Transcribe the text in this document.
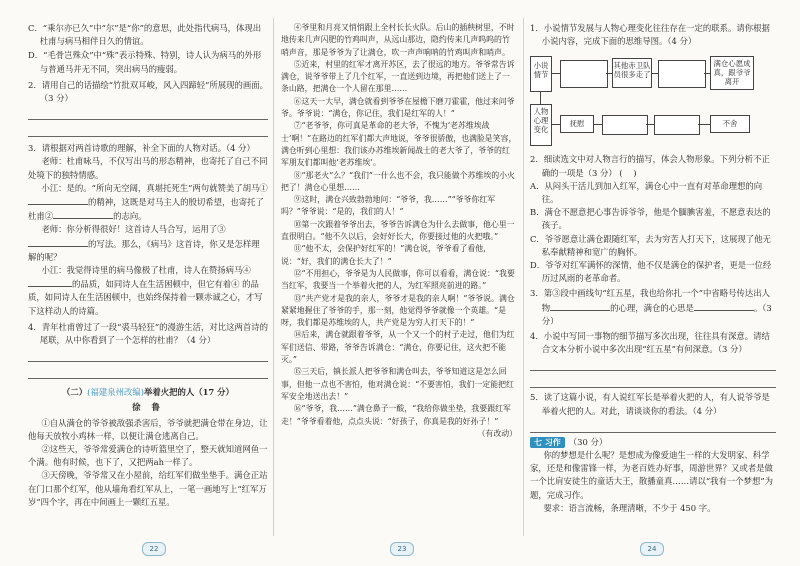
C．“乘尔亦已久”中“尔”是“你”的意思，此处指代病马，体现出杜甫与病马相伴日久的情谊。

D．“毛骨岂殊众”中“殊”表示特殊、特别，诗人认为病马的外形与普通马并无不同，突出病马的瘦弱。

2．请用自己的话描绘“竹批双耳峻，风入四蹄轻”所展现的画面。（3 分）

3．请根据对两首诗歌的理解，补全下面的人物对话。（4 分）

老师：杜甫咏马，不仅写出马的形态精神，也寄托了自己不同处境下的独特情感。

小江：是的。“所向无空阔，真堪托死生”两句就赞美了胡马①的精神，这既是对马主人的殷切希望，也寄托了杜甫②	的志向。

老师：你分析得很好！这首诗人马合写，运用了③的写法。那么，《病马》这首诗，你又是怎样理解的呢？

小江：我觉得诗里的病马像极了杜甫，诗人在赞扬病马④的品质，如同诗人在生活困顿中，但它有着④ 的品质，如同诗人在生活困顿中，也始终保持着一颗赤诚之心，才写下这样动人的诗篇。

4．青年杜甫曾过了一段“裘马轻狂”的漫游生活，对比这两首诗的尾联，从中你看到了一个怎样的杜甫？（4 分）

（二）(福建泉州改编)举着火把的人（17 分）

徐 鲁

①自从满仓的爷爷被敌强杀害后，爷爷就把满仓带在身边，让他每天放牧小鸡林一样，以便让满仓逃离自己。

②这些天，爷爷常爱满仓的诗听篮里空了，整天就知道网鱼一个满。他有时候，也下了，又把两ah一样了。

③天傍晚，爷爷常又在小屋前，给红军们做坐垫手。满仓正站在门口那个红军，他从墙角看红军从上，一笔一画地写上“红军万岁”四个字，再在中间画上一颗红五星。

④爷里和月亮又悄悄跟上全村长长火队。后山的插秧树里，不时地传来几声闪肥的竹鸡叫声，从远山那边，隐约传来几声呜呜的竹哨声音，那是爷爷为了让满仓，吹一声声响呐的竹鸡叫声和哨声。

⑤近来，村里的红军才离开苏区，去了很远的地方。爷爷常告诉满仓，说爷爷带上了几个红军，一直送到边境，再把他们送上了一条山路，把满仓一个人留在那里……

⑥这天一大早，满仓就看到爷爷在屋檐下磨刀霍霍，他过来问爷爷。爷爷说：“满仓，你记住，我们是红军的人！”

⑦“老爷爷，你可真是革命的老大爷，不愧为‘老苏维埃战士’啊！”在路边的红军们都大声地说，爷爷很骄傲，也满脸是笑容，满仓听到心里想：我们该办苏维埃新闻战士的老大爷了，爷爷的红军朋友们都叫他‘老苏维埃’。

⑧“那老火”么？“我们”一什么也不会，我只能做个苏维埃的小火把了！满仓心里想……

⑨这时，满仓兴致勃勃地问：“爷爷，我……”“爷爷你红军吗？”爷爷说：“是的，我们的人！”

⑩第一次跟着爷爷出去，爷爷告诉满仓为什么去做事，他心里一直很明白。“他不久以后，会好好长大，你要接过他的火把哦。”

⑪“他不太，会保护好红军的！”满仓说，爷爷看了看他，说：“好，我们的满仓长大了！”

⑫“不用担心，爷爷是为人民做事，你可以看看，满仓说：“我要当红军，我要当一个举着火把的人，为红军照亮前进的路。”

⑬“共产党才是我的亲人，爷爷才是我的亲人啊！”爷爷说。满仓紧紧地握住了爷爷的手，那一刻，他觉得爷爷就像一个英雄。“是呀，我们都是苏维埃的人，共产党是为穷人打天下的！”

⑭后来，满仓就跟着爷爷，从一个又一个的村子走过，他们为红军们送信、带路，爷爷告诉满仓：“满仓，你要记住，这火把不能灭。”

⑮三天后，镇长派人把爷爷和满仓叫去，爷爷知道这是怎么回事，但他一点也不害怕，他对满仓说：“不要害怕，我们一定能把红军安全地送出去！”

⑯“爷爷，我……”满仓鼻子一酸，“我给你做坐垫，我要跟红军走！”爷爷看着他，点点头说：“好孩子，你真是我的好孙子！”

（有改动）

1．小说情节发展与人物心理变化往往存在一定的联系。请你根据小说内容，完成下面的思维导图。（4 分）

小说情节
其他赤卫队员很多走了
满仓心愿成真，跟爷爷离开
人物心理变化
抚慰	不舍

2．细读选文中对人物言行的描写，体会人物形象。下列分析不正确的一项是（3 分） (    )

A．从闷头干活儿到加入红军，满仓心中一直有对革命理想的向往。

B．满仓不愿意把心事告诉爷爷，他是个腼腆害羞，不愿意表达的孩子。

C．爷爷愿意让满仓跟随红军，去为穷苦人打天下，这展现了他无私奉献精神和宽广的胸怀。

D．爷爷对红军满怀的深情，他不仅是满仓的保护者，更是一位经历过风雨的老革命者。

3．第③段中画线句“红五星，我也给你扎一个”中省略号传达出人物	的心理，满仓的心思是	。（3 分）

4．小说中写同一事物的细节描写多次出现，往往具有深意。请结合文本分析小说中多次出现“红五星”有何深意。（3 分）

5．读了这篇小说，有人说红军长是举着火把的人，有人说爷爷是举着火把的人。对此，请谈谈你的看法。（4 分）

七 习作 （30 分）

你的梦想是什么呢？是想成为像爱迪生一样的大发明家、科学家，还是和像雷锋一样，为老百姓办好事，周游世界？又或者是做一个比肩安徒生的童话大王，散播童真……请以“我有一个梦想”为题，完成习作。

要求：语言流畅，条理清晰，不少于 450 字。

22	23	24
